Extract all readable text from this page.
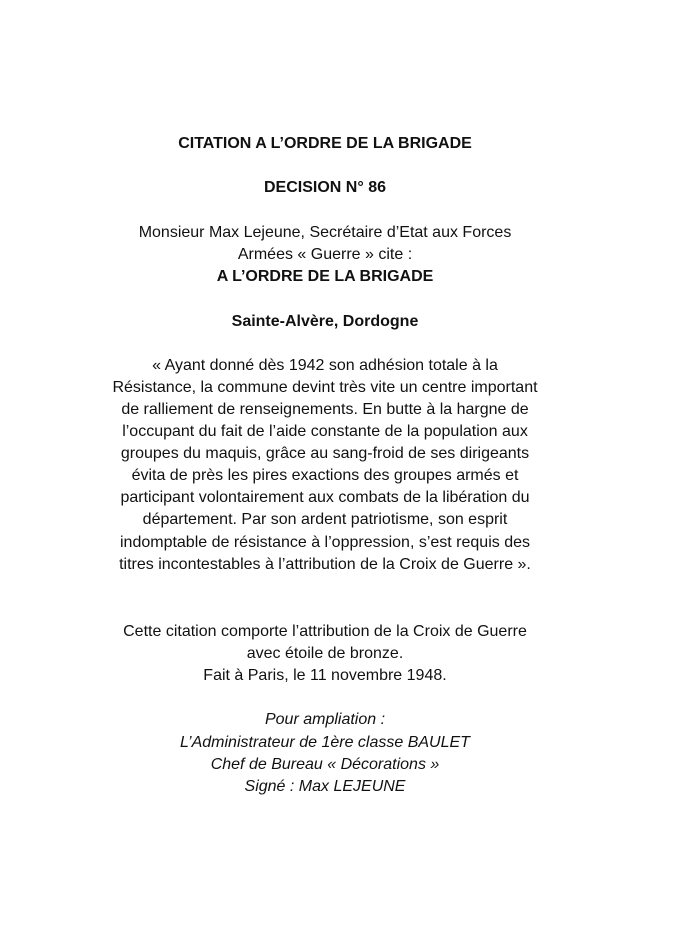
CITATION A L’ORDRE DE LA BRIGADE
DECISION N° 86
Monsieur Max Lejeune, Secrétaire d’Etat aux Forces
Armées « Guerre » cite :
A L’ORDRE DE LA BRIGADE
Sainte-Alvère, Dordogne
« Ayant donné dès 1942 son adhésion totale à la
Résistance, la commune devint très vite un centre important
de ralliement de renseignements. En butte à la hargne de
l’occupant du fait de l’aide constante de la population aux
groupes du maquis, grâce au sang-froid de ses dirigeants
évita de près les pires exactions des groupes armés et
participant volontairement aux combats de la libération du
département. Par son ardent patriotisme, son esprit
indomptable de résistance à l’oppression, s’est requis des
titres incontestables à l’attribution de la Croix de Guerre ».
Cette citation comporte l’attribution de la Croix de Guerre
avec étoile de bronze.
Fait à Paris, le 11 novembre 1948.
Pour ampliation :
L’Administrateur de 1ère classe BAULET
Chef de Bureau « Décorations »
Signé : Max LEJEUNE
